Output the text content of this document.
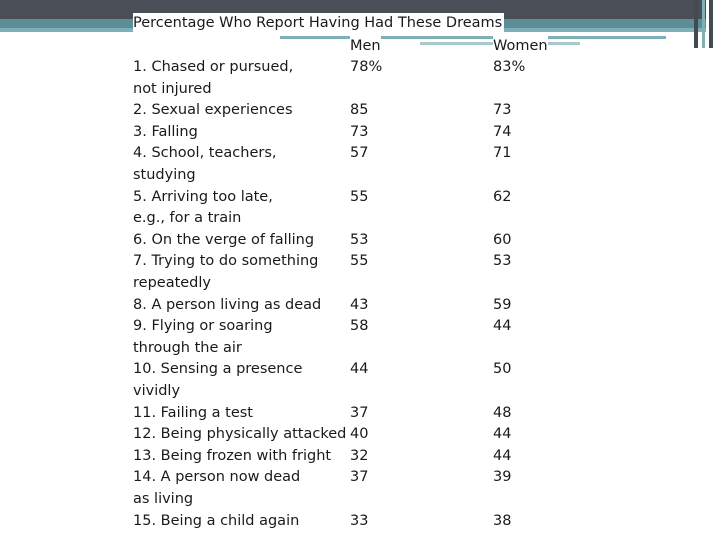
Percentage Who Report Having Had These Dreams
Men	Women
1. Chased or pursued,
not injured
78%	83%
2. Sexual experiences	85	73
3. Falling	73	74
4. School, teachers,
studying
57	71
5. Arriving too late,
e.g., for a train
55	62
6. On the verge of falling	53	60
7. Trying to do something
repeatedly
55	53
8. A person living as dead	43	59
9. Flying or soaring
through the air
58	44
10. Sensing a presence
vividly
44	50
11. Failing a test	37	48
12. Being physically attacked 40	44
13. Being frozen with fright	32	44
14. A person now dead
as living
37	39
15. Being a child again	33	38
